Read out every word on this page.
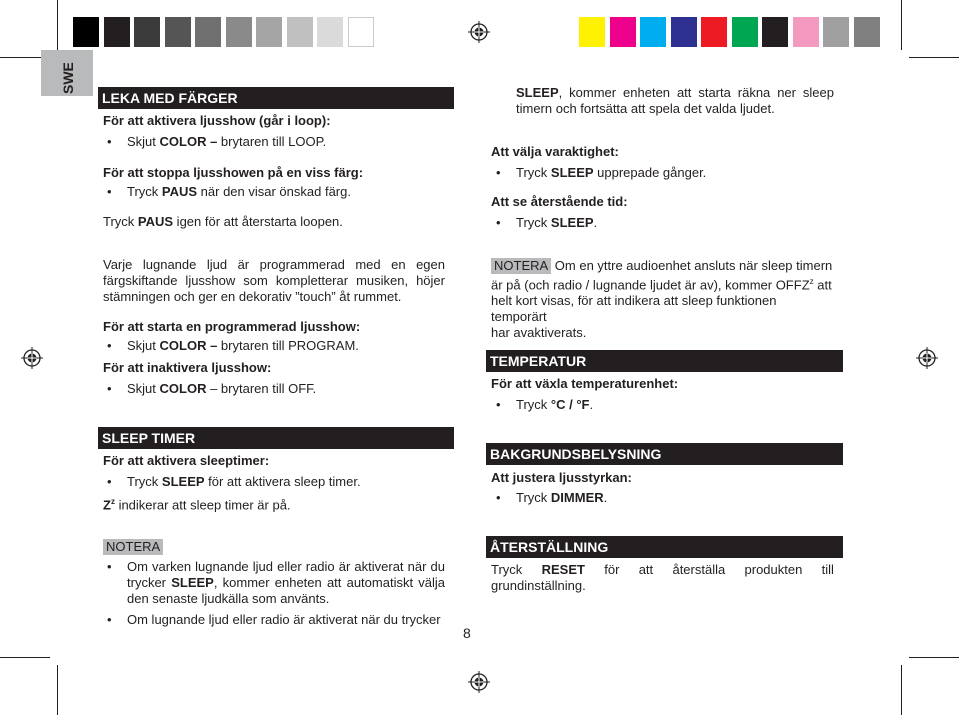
SWE
LEKA MED FÄRGER
För att aktivera ljusshow (går i loop):
• Skjut COLOR – brytaren till LOOP.
För att stoppa ljusshowen på en viss färg:
• Tryck PAUS när den visar önskad färg.
Tryck PAUS igen för att återstarta loopen.
Varje lugnande ljud är programmerad med en egen
färgskiftande ljusshow som kompletterar musiken, höjer
stämningen och ger en dekorativ ”touch” åt rummet.
För att starta en programmerad ljusshow:
• Skjut COLOR – brytaren till PROGRAM.
För att inaktivera ljusshow:
• Skjut COLOR – brytaren till OFF.
SLEEP TIMER
För att aktivera sleeptimer:
• Tryck SLEEP för att aktivera sleep timer.
$Z^z$ indikerar att sleep timer är på.
NOTERA
• Om varken lugnande ljud eller radio är aktiverat när du
trycker SLEEP, kommer enheten att automatiskt välja
den senaste ljudkälla som använts.
• Om lugnande ljud eller radio är aktiverat när du trycker
8
SLEEP, kommer enheten att starta räkna ner sleep
timern och fortsätta att spela det valda ljudet.
Att välja varaktighet:
• Tryck SLEEP upprepade gånger.
Att se återstående tid:
• Tryck SLEEP.
NOTERA Om en yttre audioenhet ansluts när sleep timern
är på (och radio / lugnande ljudet är av), kommer OFFZ$^z$ att
helt kort visas, för att indikera att sleep funktionen temporärt
har avaktiverats.
TEMPERATUR
För att växla temperaturenhet:
• Tryck °C / °F.
BAKGRUNDSBELYSNING
Att justera ljusstyrkan:
• Tryck DIMMER.
ÅTERSTÄLLNING
Tryck RESET för att återställa produkten till
grundinställning.
